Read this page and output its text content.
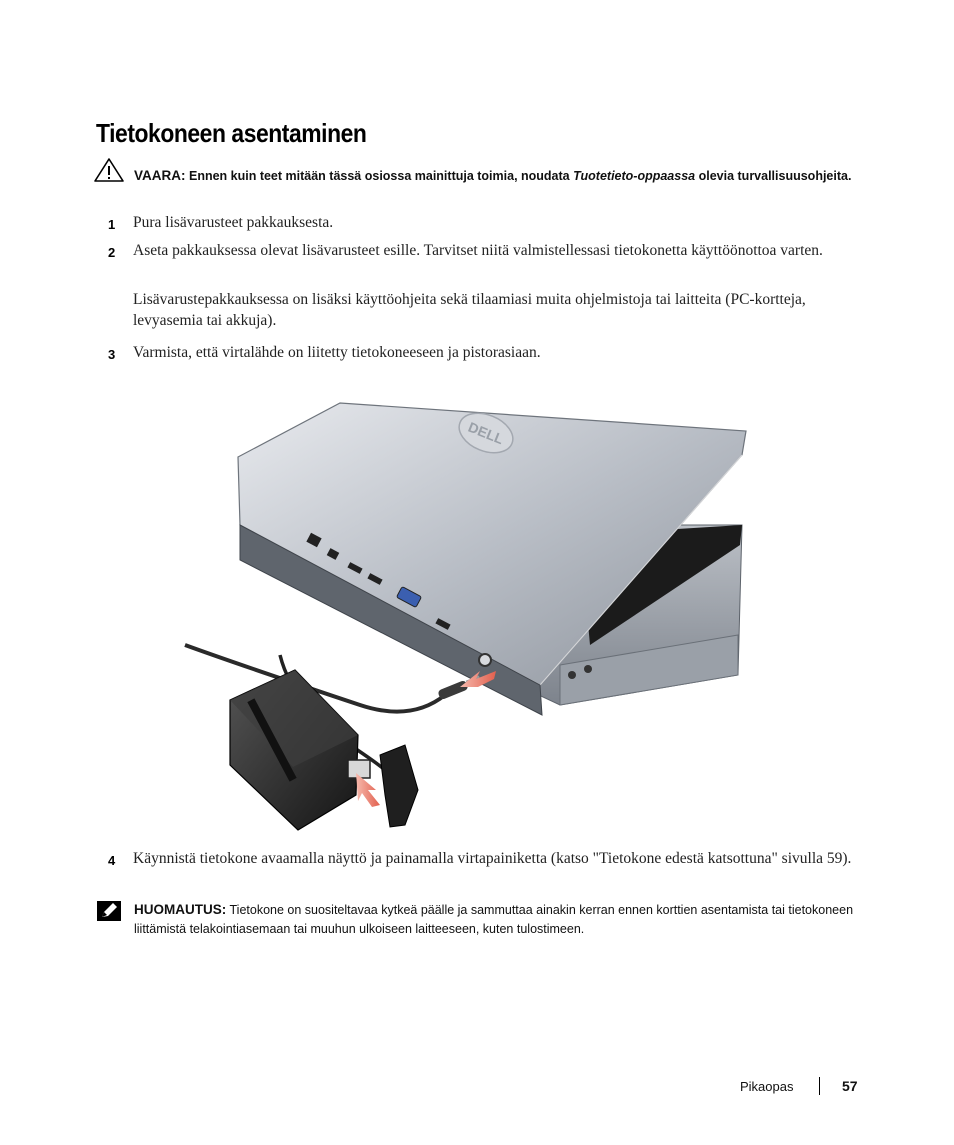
Tietokoneen asentaminen
VAARA: Ennen kuin teet mitään tässä osiossa mainittuja toimia, noudata Tuotetieto-oppaassa olevia turvallisuusohjeita.
1 Pura lisävarusteet pakkauksesta.
2 Aseta pakkauksessa olevat lisävarusteet esille. Tarvitset niitä valmistellessasi tietokonetta käyttöönottoa varten.
Lisävarustepakkauksessa on lisäksi käyttöohjeita sekä tilaamiasi muita ohjelmistoja tai laitteita (PC-kortteja, levyasemia tai akkuja).
3 Varmista, että virtalähde on liitetty tietokoneeseen ja pistorasiaan.
DELL
4 Käynnistä tietokone avaamalla näyttö ja painamalla virtapainiketta (katso "Tietokone edestä katsottuna" sivulla 59).
HUOMAUTUS: Tietokone on suositeltavaa kytkeä päälle ja sammuttaa ainakin kerran ennen korttien asentamista tai tietokoneen liittämistä telakointiasemaan tai muuhun ulkoiseen laitteeseen, kuten tulostimeen.
Pikaopas	57
